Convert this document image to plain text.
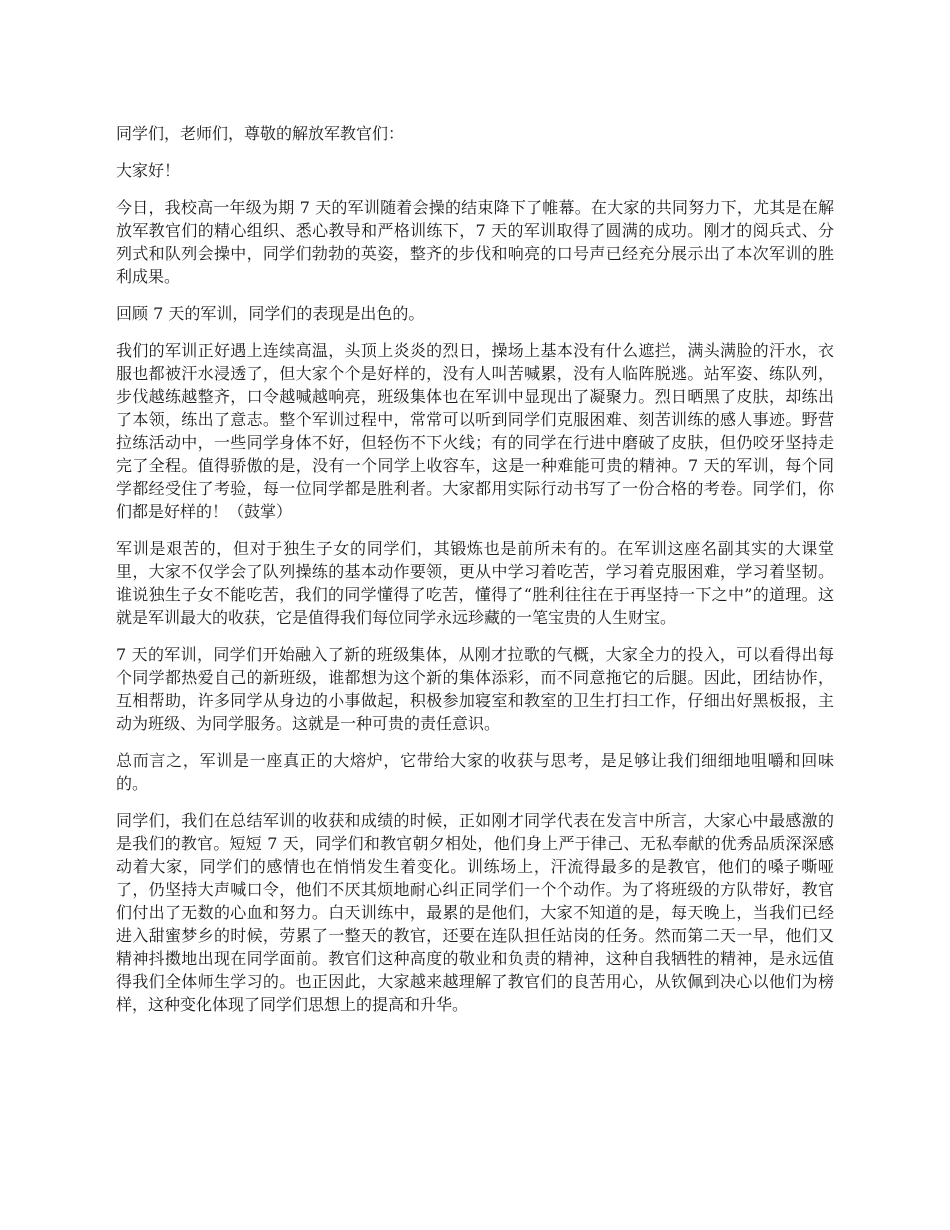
同学们，老师们，尊敬的解放军教官们：

大家好！

今日，我校高一年级为期 7 天的军训随着会操的结束降下了帷幕。在大家的共同努力下，尤其是在解放军教官们的精心组织、悉心教导和严格训练下，7 天的军训取得了圆满的成功。刚才的阅兵式、分列式和队列会操中，同学们勃勃的英姿，整齐的步伐和响亮的口号声已经充分展示出了本次军训的胜利成果。

回顾 7 天的军训，同学们的表现是出色的。

我们的军训正好遇上连续高温，头顶上炎炎的烈日，操场上基本没有什么遮拦，满头满脸的汗水，衣服也都被汗水浸透了，但大家个个是好样的，没有人叫苦喊累，没有人临阵脱逃。站军姿、练队列，步伐越练越整齐，口令越喊越响亮，班级集体也在军训中显现出了凝聚力。烈日晒黑了皮肤，却练出了本领，练出了意志。整个军训过程中，常常可以听到同学们克服困难、刻苦训练的感人事迹。野营拉练活动中，一些同学身体不好，但轻伤不下火线；有的同学在行进中磨破了皮肤，但仍咬牙坚持走完了全程。值得骄傲的是，没有一个同学上收容车，这是一种难能可贵的精神。7 天的军训，每个同学都经受住了考验，每一位同学都是胜利者。大家都用实际行动书写了一份合格的考卷。同学们，你们都是好样的！（鼓掌）

军训是艰苦的，但对于独生子女的同学们，其锻炼也是前所未有的。在军训这座名副其实的大课堂里，大家不仅学会了队列操练的基本动作要领，更从中学习着吃苦，学习着克服困难，学习着坚韧。谁说独生子女不能吃苦，我们的同学懂得了吃苦，懂得了“胜利往往在于再坚持一下之中”的道理。这就是军训最大的收获，它是值得我们每位同学永远珍藏的一笔宝贵的人生财宝。

7 天的军训，同学们开始融入了新的班级集体，从刚才拉歌的气概，大家全力的投入，可以看得出每个同学都热爱自己的新班级，谁都想为这个新的集体添彩，而不同意拖它的后腿。因此，团结协作，互相帮助，许多同学从身边的小事做起，积极参加寝室和教室的卫生打扫工作，仔细出好黑板报，主动为班级、为同学服务。这就是一种可贵的责任意识。

总而言之，军训是一座真正的大熔炉，它带给大家的收获与思考，是足够让我们细细地咀嚼和回味的。

同学们，我们在总结军训的收获和成绩的时候，正如刚才同学代表在发言中所言，大家心中最感激的是我们的教官。短短 7 天，同学们和教官朝夕相处，他们身上严于律己、无私奉献的优秀品质深深感动着大家，同学们的感情也在悄悄发生着变化。训练场上，汗流得最多的是教官，他们的嗓子嘶哑了，仍坚持大声喊口令，他们不厌其烦地耐心纠正同学们一个个动作。为了将班级的方队带好，教官们付出了无数的心血和努力。白天训练中，最累的是他们，大家不知道的是，每天晚上，当我们已经进入甜蜜梦乡的时候，劳累了一整天的教官，还要在连队担任站岗的任务。然而第二天一早，他们又精神抖擞地出现在同学面前。教官们这种高度的敬业和负责的精神，这种自我牺牲的精神，是永远值得我们全体师生学习的。也正因此，大家越来越理解了教官们的良苦用心，从钦佩到决心以他们为榜样，这种变化体现了同学们思想上的提高和升华。
